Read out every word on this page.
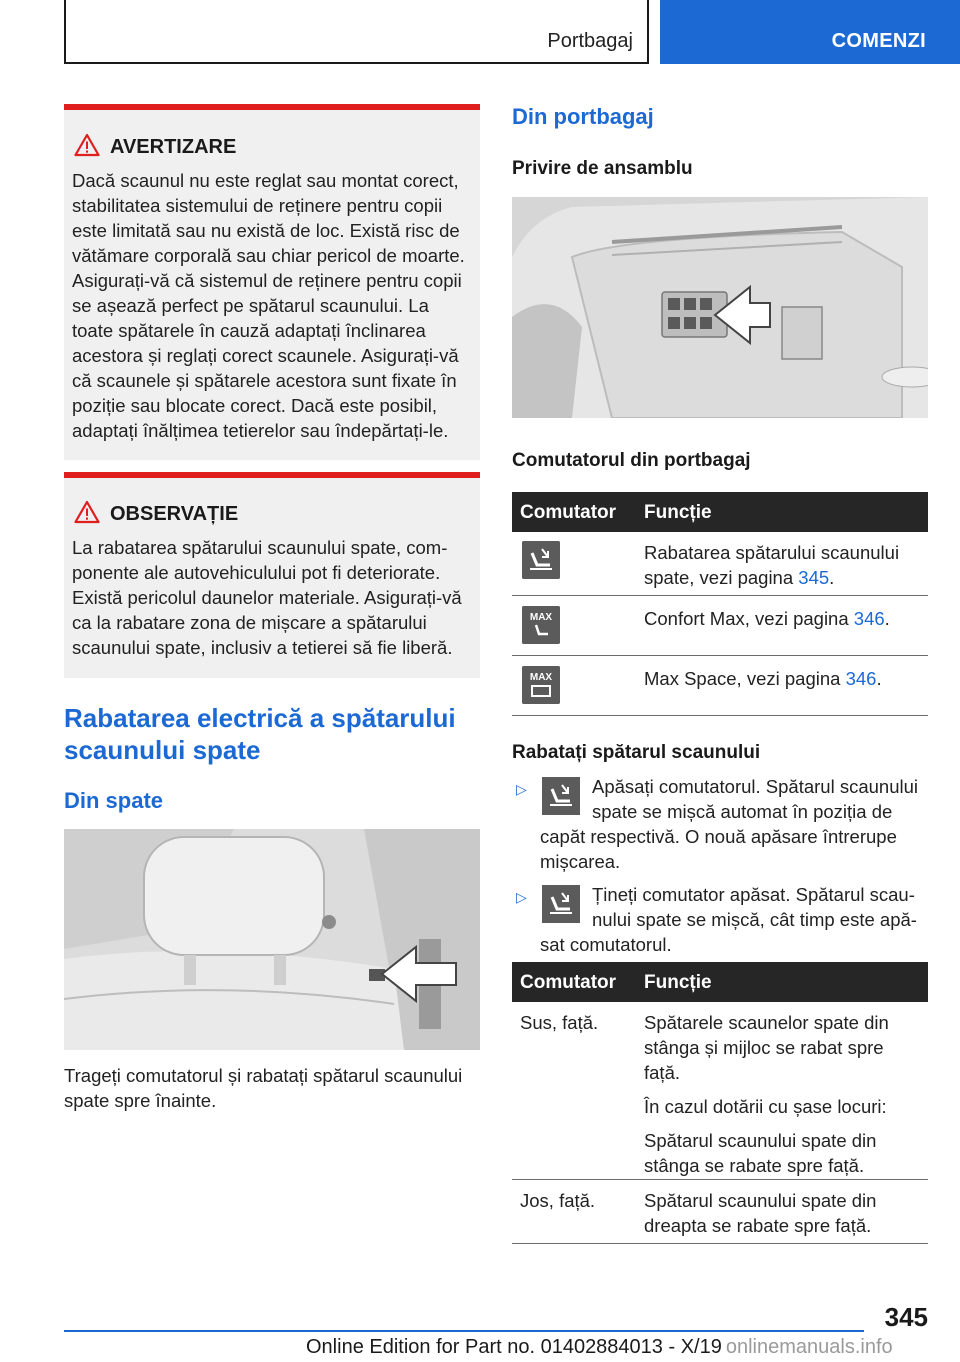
Portbagaj	COMENZI
AVERTIZARE
Dacă scaunul nu este reglat sau montat corect,
stabilitatea sistemului de reținere pentru copii
este limitată sau nu există de loc. Există risc de
vătămare corporală sau chiar pericol de moarte.
Asigurați-vă că sistemul de reținere pentru copii
se așează perfect pe spătarul scaunului. La
toate spătarele în cauză adaptați înclinarea
acestora și reglați corect scaunele. Asigurați-vă
că scaunele și spătarele acestora sunt fixate în
poziție sau blocate corect. Dacă este posibil,
adaptați înălțimea tetierelor sau îndepărtați-le.
OBSERVAȚIE
La rabatarea spătarului scaunului spate, com-
ponente ale autovehiculului pot fi deteriorate.
Există pericolul daunelor materiale. Asigurați-vă
ca la rabatare zona de mișcare a spătarului
scaunului spate, inclusiv a tetierei să fie liberă.
Rabatarea electrică a spătarului
scaunului spate
Din spate
Trageți comutatorul și rabatați spătarul scaunului
spate spre înainte.
Din portbagaj
Privire de ansamblu
Comutatorul din portbagaj
Comutator Funcție
Rabatarea spătarului scaunului
spate, vezi pagina 345.
MAX	Confort Max, vezi pagina 346.
MAX	Max Space, vezi pagina 346.
Rabatați spătarul scaunului
▷	Apăsați comutatorul. Spătarul scaunului
spate se mișcă automat în poziția de
capăt respectivă. O nouă apăsare întrerupe
mișcarea.
▷	Țineți comutator apăsat. Spătarul scau-
nului spate se mișcă, cât timp este apă-
sat comutatorul.
Comutator Funcție
Sus, față. Spătarele scaunelor spate din
stânga și mijloc se rabat spre
față.
În cazul dotării cu șase locuri:
Spătarul scaunului spate din
stânga se rabate spre față.
Jos, față.	Spătarul scaunului spate din
dreapta se rabate spre față.
345
Online Edition for Part no. 01402884013 - X/19 onlinemanuals.info
